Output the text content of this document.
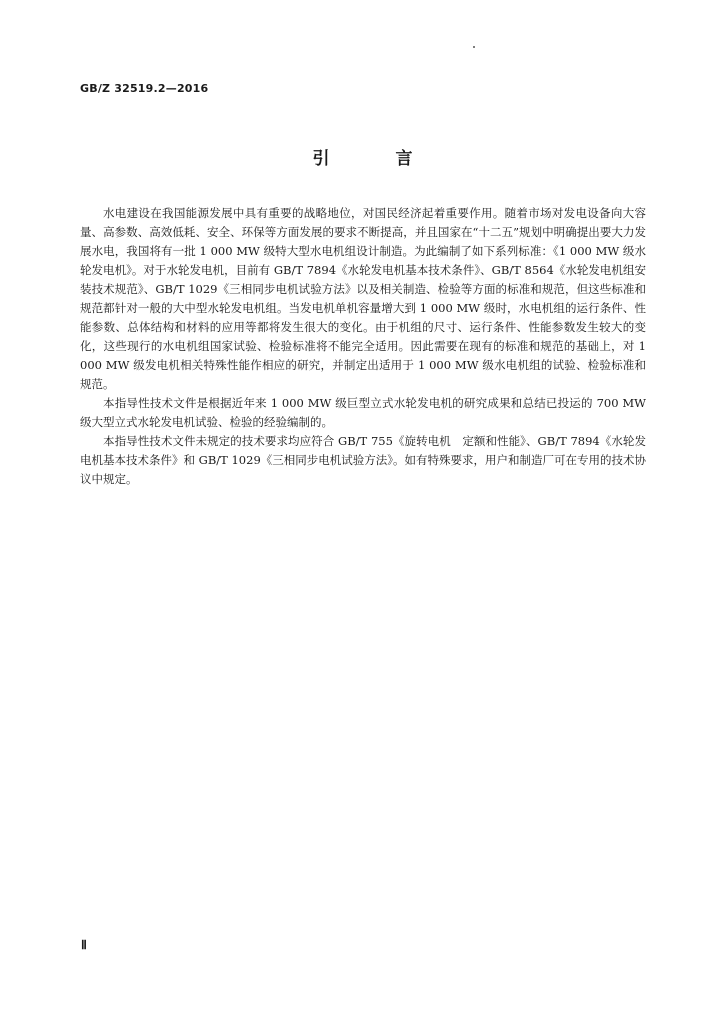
GB/Z 32519.2—2016
引 言

水电建设在我国能源发展中具有重要的战略地位，对国民经济起着重要作用。随着市场对发电设备向大容量、高参数、高效低耗、安全、环保等方面发展的要求不断提高，并且国家在“十二五”规划中明确提出要大力发展水电，我国将有一批 1 000 MW 级特大型水电机组设计制造。为此编制了如下系列标准：《1 000 MW 级水轮发电机》。对于水轮发电机，目前有 GB/T 7894《水轮发电机基本技术条件》、GB/T 8564《水轮发电机组安装技术规范》、GB/T 1029《三相同步电机试验方法》以及相关制造、检验等方面的标准和规范，但这些标准和规范都针对一般的大中型水轮发电机组。当发电机单机容量增大到 1 000 MW 级时，水电机组的运行条件、性能参数、总体结构和材料的应用等都将发生很大的变化。由于机组的尺寸、运行条件、性能参数发生较大的变化，这些现行的水电机组国家试验、检验标准将不能完全适用。因此需要在现有的标准和规范的基础上，对 1 000 MW 级发电机相关特殊性能作相应的研究，并制定出适用于 1 000 MW 级水电机组的试验、检验标准和规范。

本指导性技术文件是根据近年来 1 000 MW 级巨型立式水轮发电机的研究成果和总结已投运的 700 MW 级大型立式水轮发电机试验、检验的经验编制的。

本指导性技术文件未规定的技术要求均应符合 GB/T 755《旋转电机　定额和性能》、GB/T 7894《水轮发电机基本技术条件》和 GB/T 1029《三相同步电机试验方法》。如有特殊要求，用户和制造厂可在专用的技术协议中规定。

Ⅱ
